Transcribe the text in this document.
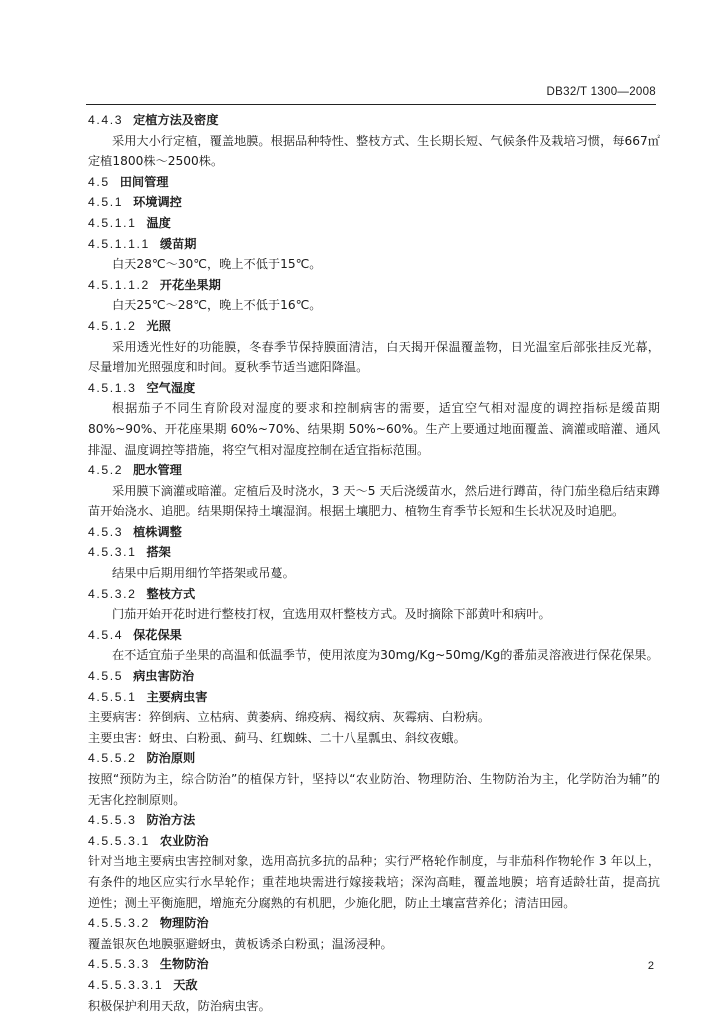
DB32/T 1300—2008
4.4.3 定植方法及密度
采用大小行定植，覆盖地膜。根据品种特性、整枝方式、生长期长短、气候条件及栽培习惯，每667㎡定植1800株～2500株。
4.5 田间管理
4.5.1 环境调控
4.5.1.1 温度
4.5.1.1.1 缓苗期
白天28℃～30℃，晚上不低于15℃。
4.5.1.1.2 开花坐果期
白天25℃～28℃，晚上不低于16℃。
4.5.1.2 光照
采用透光性好的功能膜，冬春季节保持膜面清洁，白天揭开保温覆盖物，日光温室后部张挂反光幕，尽量增加光照强度和时间。夏秋季节适当遮阳降温。
4.5.1.3 空气湿度
根据茄子不同生育阶段对湿度的要求和控制病害的需要，适宜空气相对湿度的调控指标是缓苗期80%~90%、开花座果期 60%~70%、结果期 50%~60%。生产上要通过地面覆盖、滴灌或暗灌、通风排湿、温度调控等措施，将空气相对湿度控制在适宜指标范围。
4.5.2 肥水管理
采用膜下滴灌或暗灌。定植后及时浇水，3 天～5 天后浇缓苗水，然后进行蹲苗，待门茄坐稳后结束蹲苗开始浇水、追肥。结果期保持土壤湿润。根据土壤肥力、植物生育季节长短和生长状况及时追肥。
4.5.3 植株调整
4.5.3.1 搭架
结果中后期用细竹竿搭架或吊蔓。
4.5.3.2 整枝方式
门茄开始开花时进行整枝打杈，宜选用双杆整枝方式。及时摘除下部黄叶和病叶。
4.5.4 保花保果
在不适宜茄子坐果的高温和低温季节，使用浓度为30mg/Kg~50mg/Kg的番茄灵溶液进行保花保果。
4.5.5 病虫害防治
4.5.5.1 主要病虫害
主要病害：猝倒病、立枯病、黄萎病、绵疫病、褐纹病、灰霉病、白粉病。
主要虫害：蚜虫、白粉虱、蓟马、红蜘蛛、二十八星瓢虫、斜纹夜蛾。
4.5.5.2 防治原则
按照“预防为主，综合防治”的植保方针，坚持以“农业防治、物理防治、生物防治为主，化学防治为辅”的无害化控制原则。
4.5.5.3 防治方法
4.5.5.3.1 农业防治
针对当地主要病虫害控制对象，选用高抗多抗的品种；实行严格轮作制度，与非茄科作物轮作 3 年以上，有条件的地区应实行水旱轮作；重茬地块需进行嫁接栽培；深沟高畦，覆盖地膜；培育适龄壮苗，提高抗逆性；测土平衡施肥，增施充分腐熟的有机肥，少施化肥，防止土壤富营养化；清洁田园。
4.5.5.3.2 物理防治
覆盖银灰色地膜驱避蚜虫，黄板诱杀白粉虱；温汤浸种。
4.5.5.3.3 生物防治
4.5.5.3.3.1 天敌
积极保护利用天敌，防治病虫害。
2
